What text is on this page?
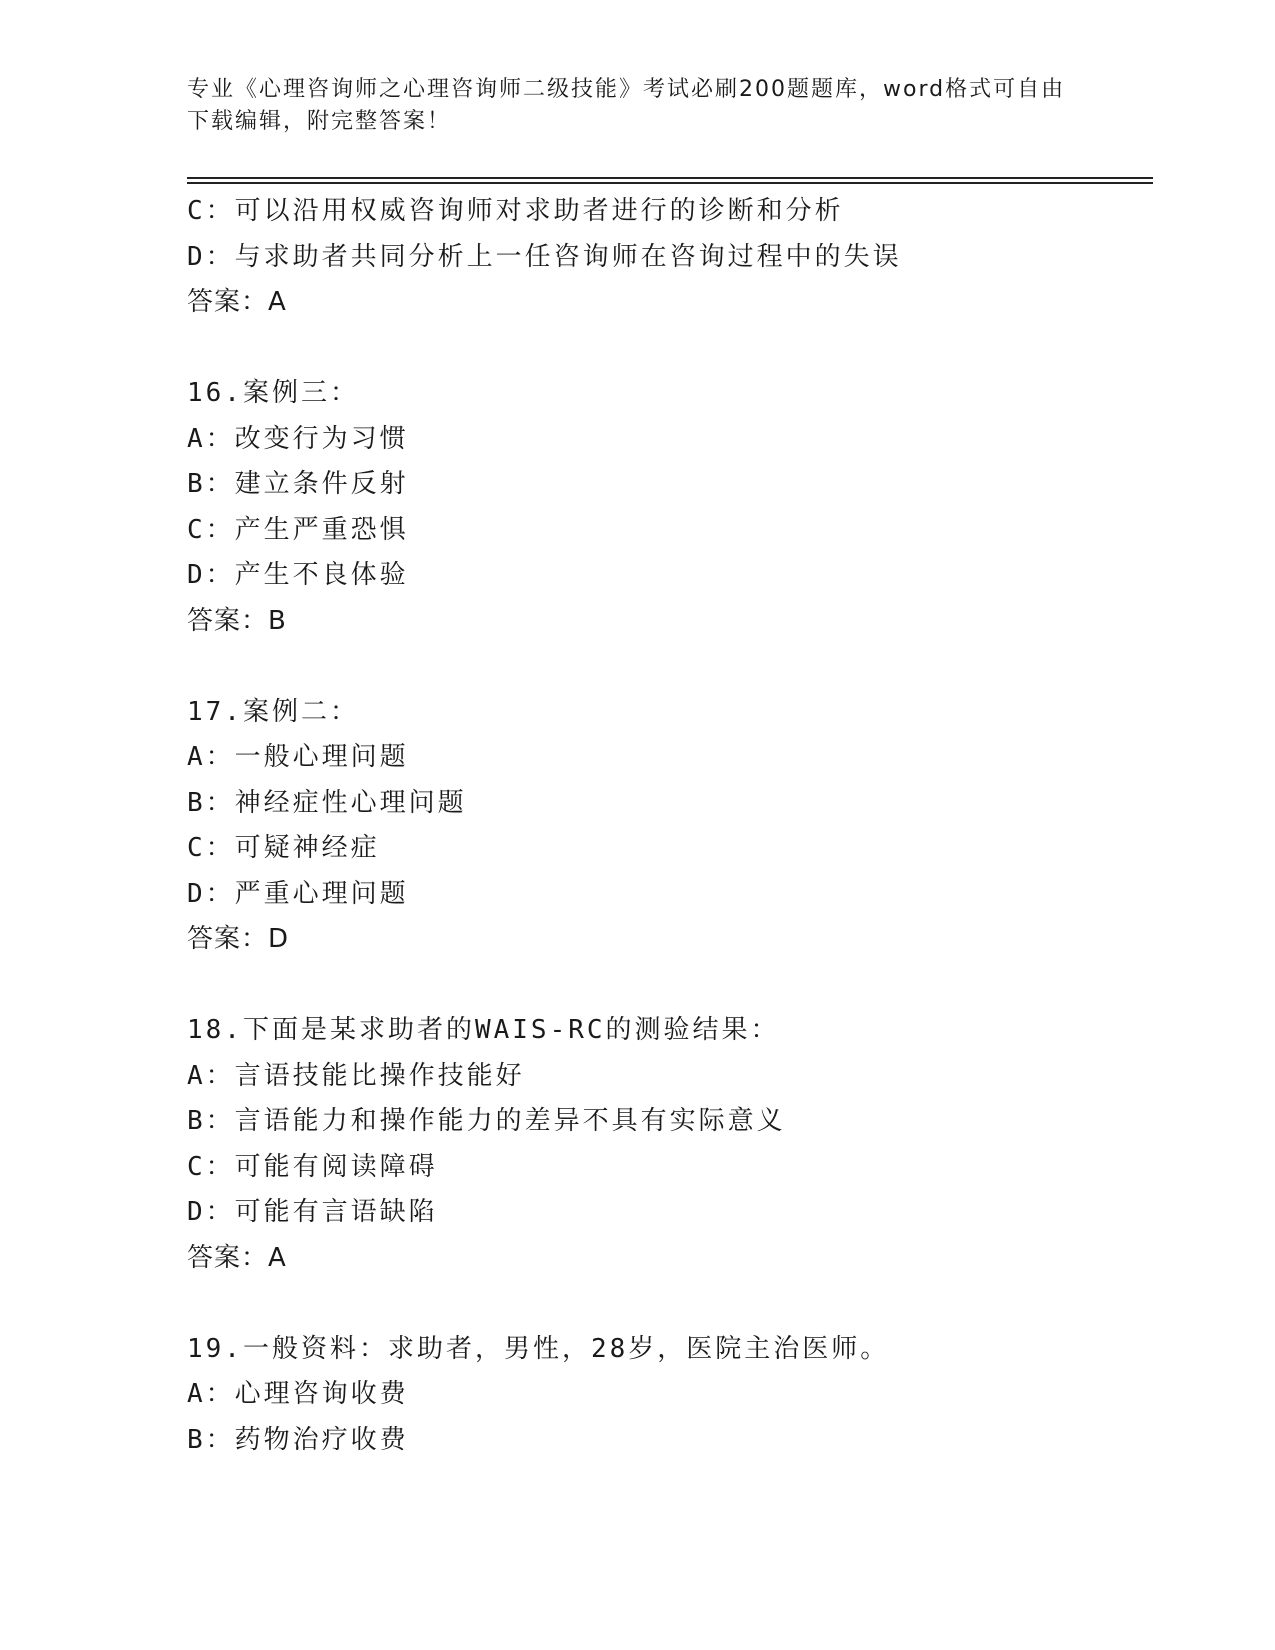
专业《心理咨询师之心理咨询师二级技能》考试必刷200题题库，word格式可自由下载编辑，附完整答案！
C：可以沿用权威咨询师对求助者进行的诊断和分析
D：与求助者共同分析上一任咨询师在咨询过程中的失误
答案：A
16.案例三：
A：改变行为习惯
B：建立条件反射
C：产生严重恐惧
D：产生不良体验
答案：B
17.案例二：
A：一般心理问题
B：神经症性心理问题
C：可疑神经症
D：严重心理问题
答案：D
18.下面是某求助者的WAIS-RC的测验结果：
A：言语技能比操作技能好
B：言语能力和操作能力的差异不具有实际意义
C：可能有阅读障碍
D：可能有言语缺陷
答案：A
19.一般资料：求助者，男性，28岁，医院主治医师。
A：心理咨询收费
B：药物治疗收费
